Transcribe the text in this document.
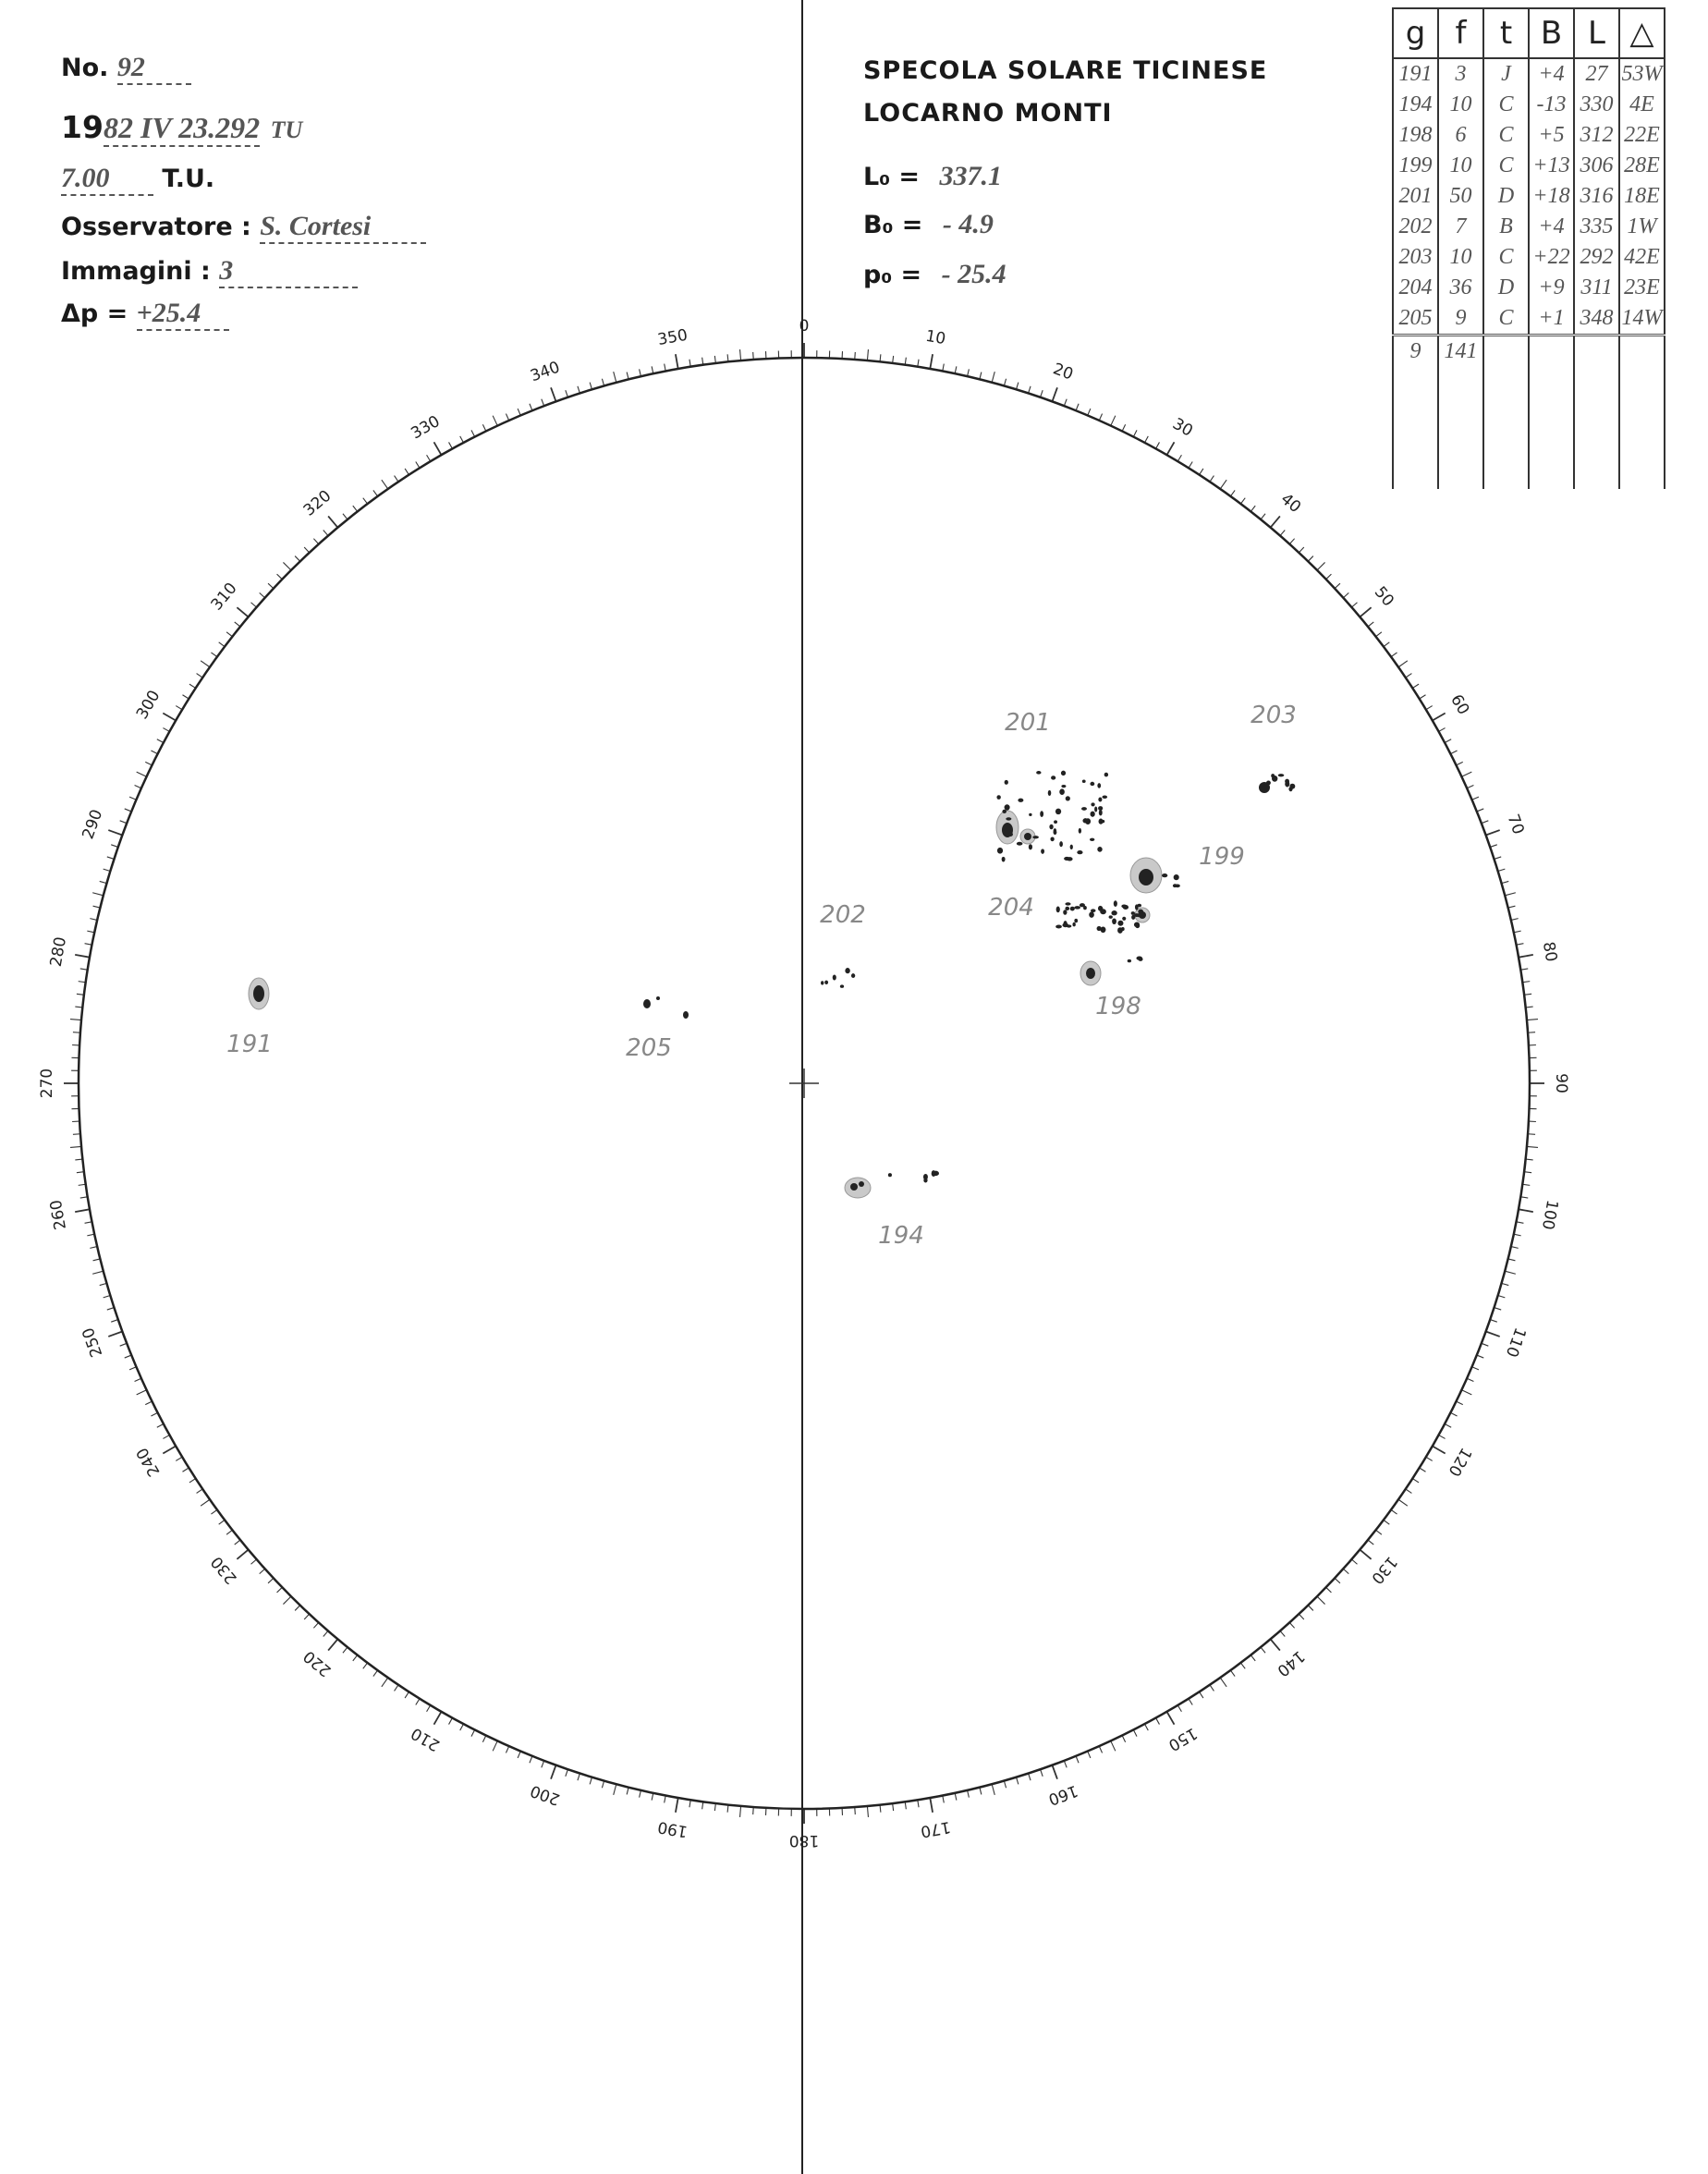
No. 92
1982 IV 23.292 TU
7.00 T.U.
Osservatore : S. Cortesi
Immagini : 3
Δp = +25.4
SPECOLA SOLARE TICINESE
LOCARNO MONTI
L₀ = 337.1
B₀ = - 4.9
p₀ = - 25.4
g	f	t	B	L	△
191	3	J	+4	27	53W
194	10	C	-13	330	4E
198	6	C	+5	312	22E
199	10	C	+13	306	28E
201	50	D	+18	316	18E
202	7	B	+4	335	1W
203	10	C	+22	292	42E
204	36	D	+9	311	23E
205	9	C	+1	348	14W
9	141				

0
10
20
30
40
50
60
70
80
90
100
110
120
130
140
150
160
170
180
190
200
210
220
230
240
250
260
270
280
290
300
310
320
330
340
350
191
194
198
199
201
202
203
204
205
